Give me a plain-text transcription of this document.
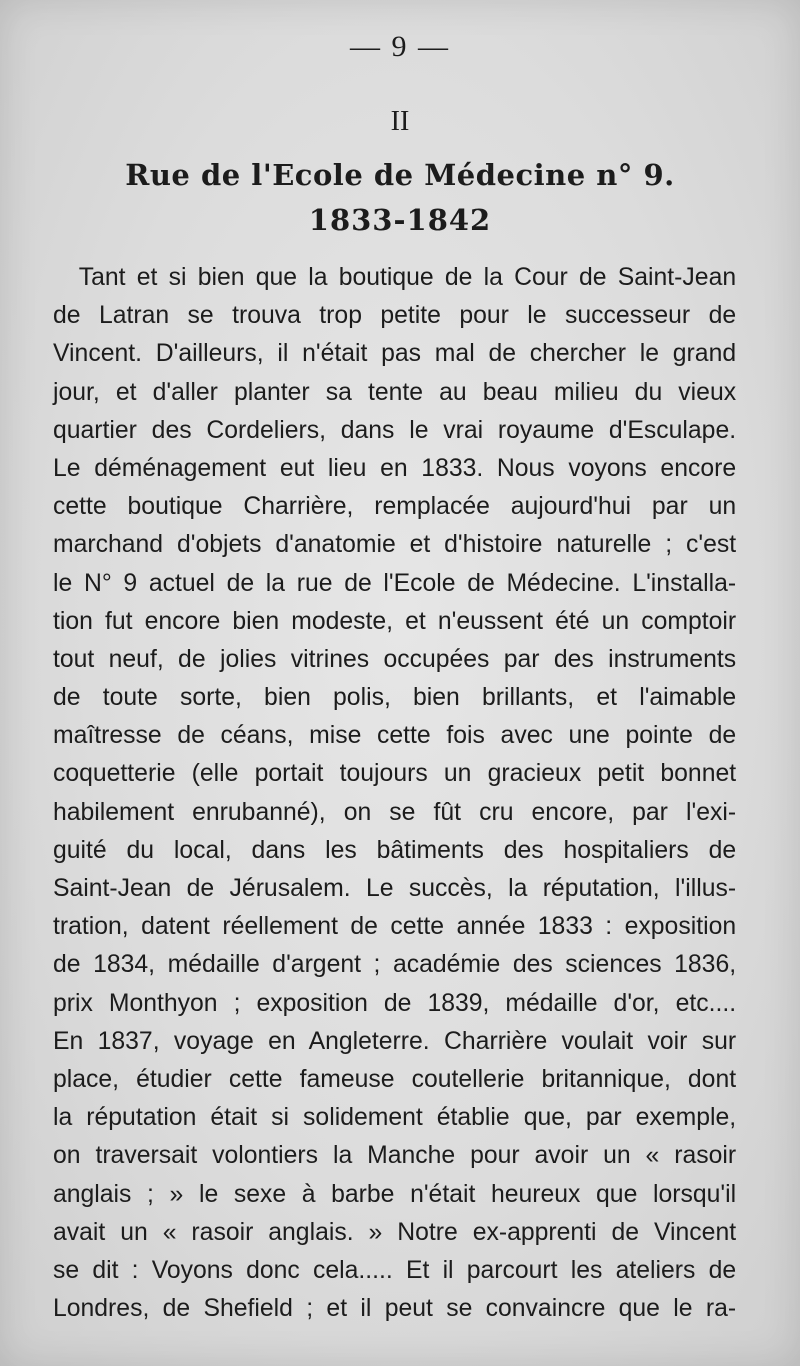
— 9 —
II
Rue de l'Ecole de Médecine n° 9.
1833-1842
Tant et si bien que la boutique de la Cour de Saint-Jean
de Latran se trouva trop petite pour le successeur de
Vincent. D'ailleurs, il n'était pas mal de chercher le grand
jour, et d'aller planter sa tente au beau milieu du vieux
quartier des Cordeliers, dans le vrai royaume d'Esculape.
Le déménagement eut lieu en 1833. Nous voyons encore
cette boutique Charrière, remplacée aujourd'hui par un
marchand d'objets d'anatomie et d'histoire naturelle ; c'est
le N° 9 actuel de la rue de l'Ecole de Médecine. L'installa-
tion fut encore bien modeste, et n'eussent été un comptoir
tout neuf, de jolies vitrines occupées par des instruments
de toute sorte, bien polis, bien brillants, et l'aimable
maîtresse de céans, mise cette fois avec une pointe de
coquetterie (elle portait toujours un gracieux petit bonnet
habilement enrubanné), on se fût cru encore, par l'exi-
guité du local, dans les bâtiments des hospitaliers de
Saint-Jean de Jérusalem. Le succès, la réputation, l'illus-
tration, datent réellement de cette année 1833 : exposition
de 1834, médaille d'argent ; académie des sciences 1836,
prix Monthyon ; exposition de 1839, médaille d'or, etc....
En 1837, voyage en Angleterre. Charrière voulait voir sur
place, étudier cette fameuse coutellerie britannique, dont
la réputation était si solidement établie que, par exemple,
on traversait volontiers la Manche pour avoir un « rasoir
anglais ; » le sexe à barbe n'était heureux que lorsqu'il
avait un « rasoir anglais. » Notre ex-apprenti de Vincent
se dit : Voyons donc cela..... Et il parcourt les ateliers de
Londres, de Shefield ; et il peut se convaincre que le ra-
